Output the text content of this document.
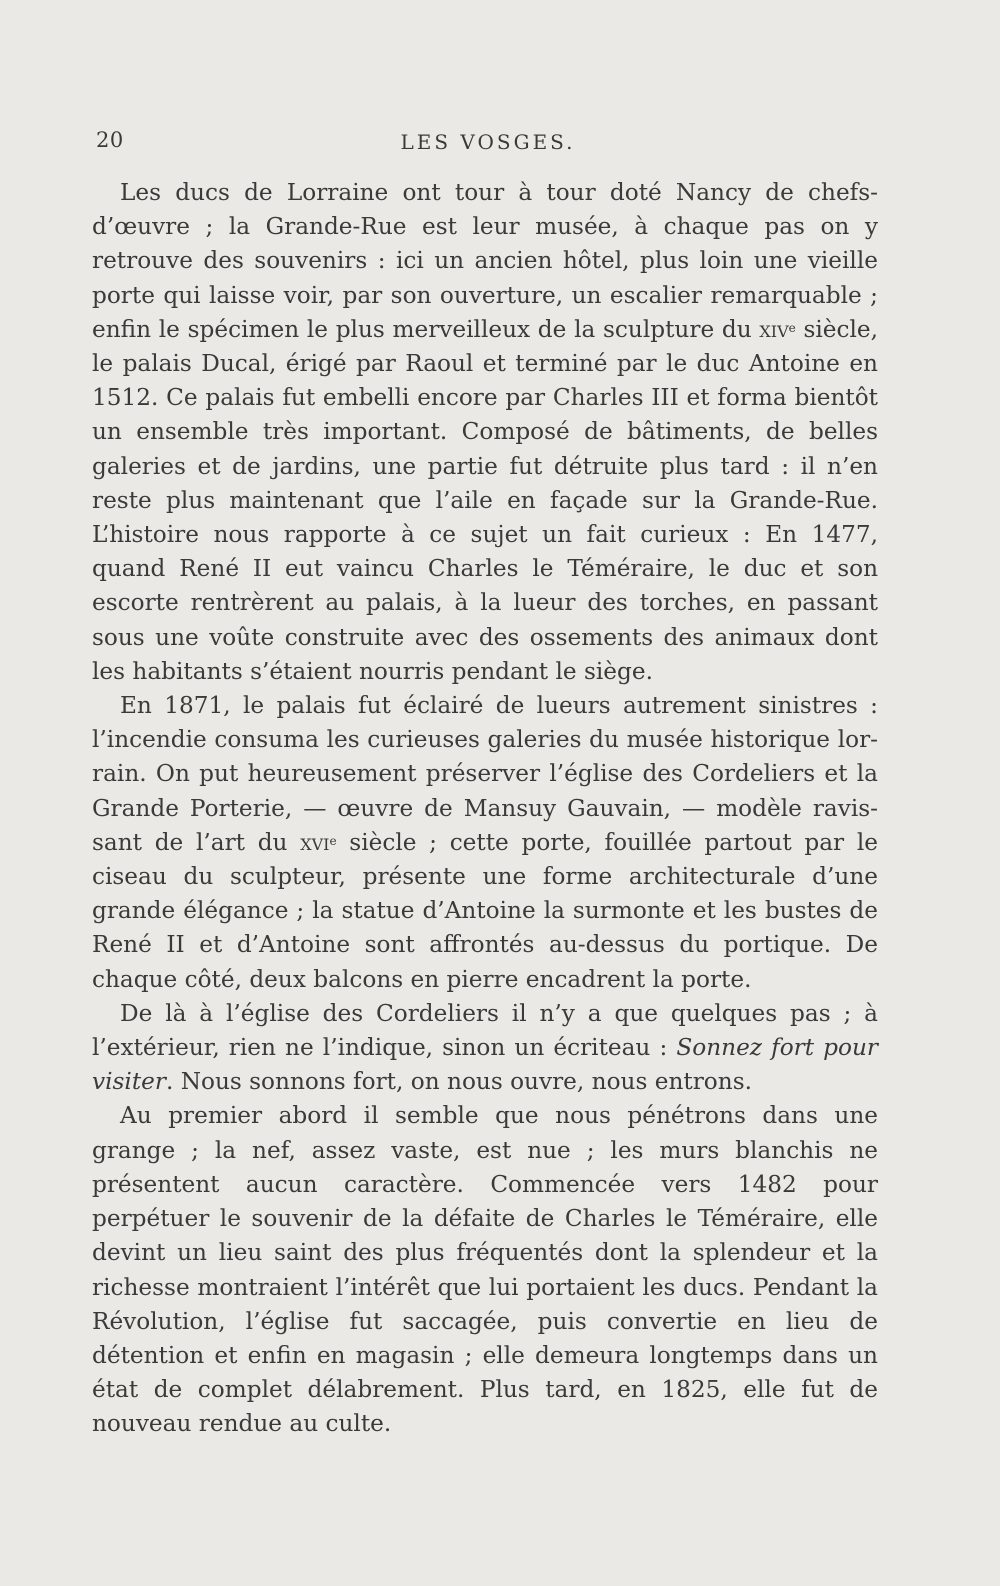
20	LES VOSGES.

Les ducs de Lorraine ont tour à tour doté Nancy de chefs-d’œuvre ; la Grande-Rue est leur musée, à chaque pas on y retrouve des souvenirs : ici un ancien hôtel, plus loin une vieille porte qui laisse voir, par son ouverture, un escalier remarquable ; enfin le spécimen le plus merveilleux de la sculpture du xiv$^e$ siècle, le palais Ducal, érigé par Raoul et terminé par le duc Antoine en 1512. Ce palais fut embelli encore par Charles III et forma bientôt un ensemble très important. Composé de bâtiments, de belles galeries et de jardins, une partie fut détruite plus tard : il n’en reste plus maintenant que l’aile en façade sur la Grande-Rue. L’histoire nous rapporte à ce sujet un fait curieux : En 1477, quand René II eut vaincu Charles le Téméraire, le duc et son escorte rentrèrent au palais, à la lueur des torches, en passant sous une voûte construite avec des ossements des animaux dont les habitants s’étaient nourris pendant le siège.

En 1871, le palais fut éclairé de lueurs autrement sinistres : l’incendie consuma les curieuses galeries du musée historique lorrain. On put heureusement préserver l’église des Cordeliers et la Grande Porterie, — œuvre de Mansuy Gauvain, — modèle ravissant de l’art du xvi$^e$ siècle ; cette porte, fouillée partout par le ciseau du sculpteur, présente une forme architecturale d’une grande élégance ; la statue d’Antoine la surmonte et les bustes de René II et d’Antoine sont affrontés au-dessus du portique. De chaque côté, deux balcons en pierre encadrent la porte.

De là à l’église des Cordeliers il n’y a que quelques pas ; à l’extérieur, rien ne l’indique, sinon un écriteau : Sonnez fort pour visiter. Nous sonnons fort, on nous ouvre, nous entrons.

Au premier abord il semble que nous pénétrons dans une grange ; la nef, assez vaste, est nue ; les murs blanchis ne présentent aucun caractère. Commencée vers 1482 pour perpétuer le souvenir de la défaite de Charles le Téméraire, elle devint un lieu saint des plus fréquentés dont la splendeur et la richesse montraient l’intérêt que lui portaient les ducs. Pendant la Révolution, l’église fut saccagée, puis convertie en lieu de détention et enfin en magasin ; elle demeura longtemps dans un état de complet délabrement. Plus tard, en 1825, elle fut de nouveau rendue au culte.
